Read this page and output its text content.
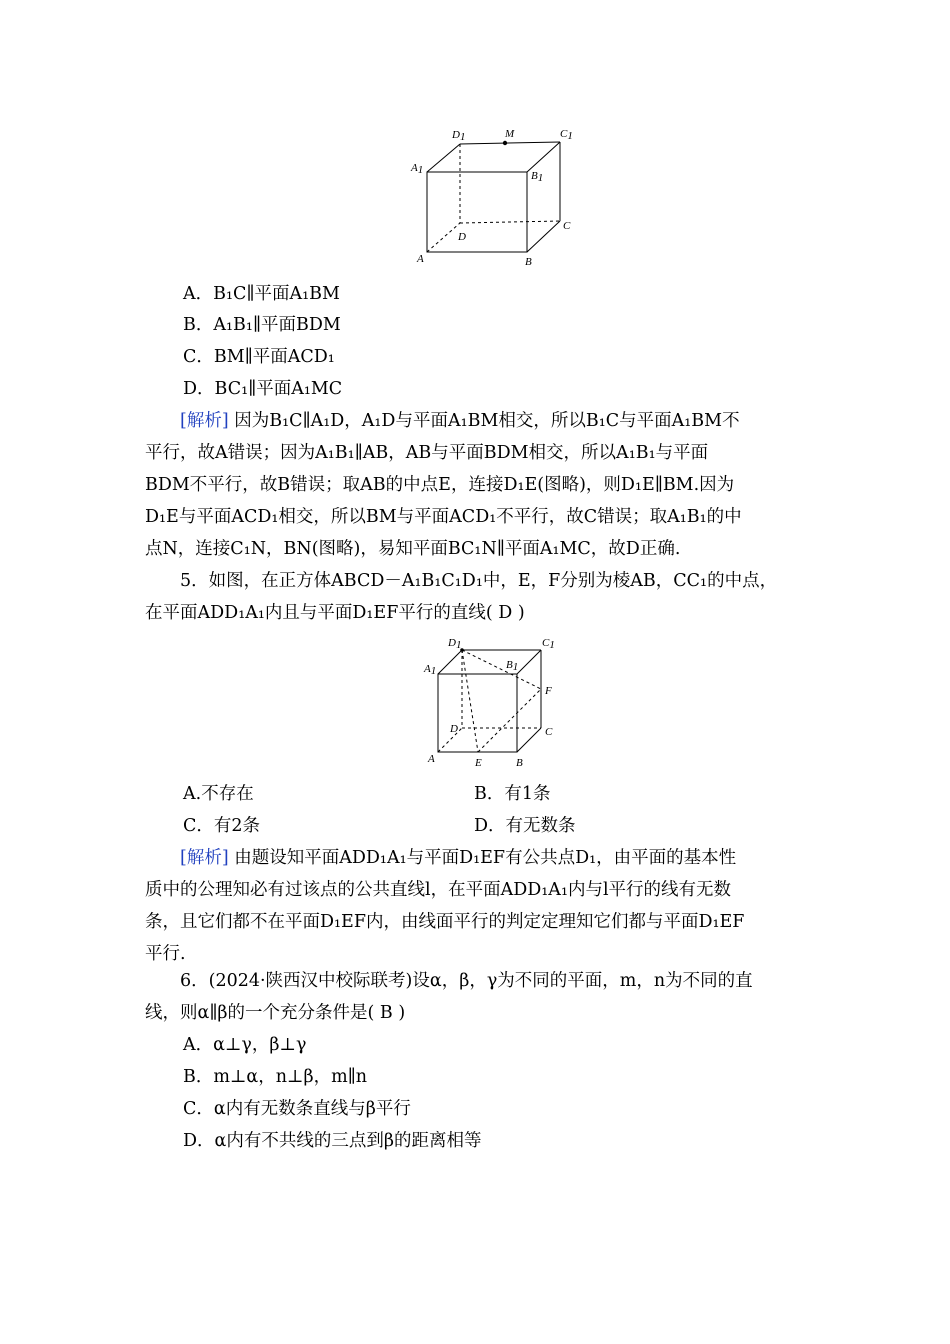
D1	M	C1
A1	B1
D
C
A	B
A．B₁C∥平面A₁BM
B．A₁B₁∥平面BDM
C．BM∥平面ACD₁
D．BC₁∥平面A₁MC
[解析] 因为B₁C∥A₁D，A₁D与平面A₁BM相交，所以B₁C与平面A₁BM不
平行，故A错误；因为A₁B₁∥AB，AB与平面BDM相交，所以A₁B₁与平面
BDM不平行，故B错误；取AB的中点E，连接D₁E(图略)，则D₁E∥BM.因为
D₁E与平面ACD₁相交，所以BM与平面ACD₁不平行，故C错误；取A₁B₁的中
点N，连接C₁N，BN(图略)，易知平面BC₁N∥平面A₁MC，故D正确.
5．如图，在正方体ABCD－A₁B₁C₁D₁中，E，F分别为棱AB，CC₁的中点，
在平面ADD₁A₁内且与平面D₁EF平行的直线( D )
D1	C1
A1	B1
F
D	C
A	E	B
A.不存在	B．有1条
C．有2条	D．有无数条
[解析] 由题设知平面ADD₁A₁与平面D₁EF有公共点D₁，由平面的基本性
质中的公理知必有过该点的公共直线l，在平面ADD₁A₁内与l平行的线有无数
条，且它们都不在平面D₁EF内，由线面平行的判定定理知它们都与平面D₁EF
平行.
6．(2024·陕西汉中校际联考)设α，β，γ为不同的平面，m，n为不同的直
线，则α∥β的一个充分条件是( B )
A．α⊥γ，β⊥γ
B．m⊥α，n⊥β，m∥n
C．α内有无数条直线与β平行
D．α内有不共线的三点到β的距离相等
